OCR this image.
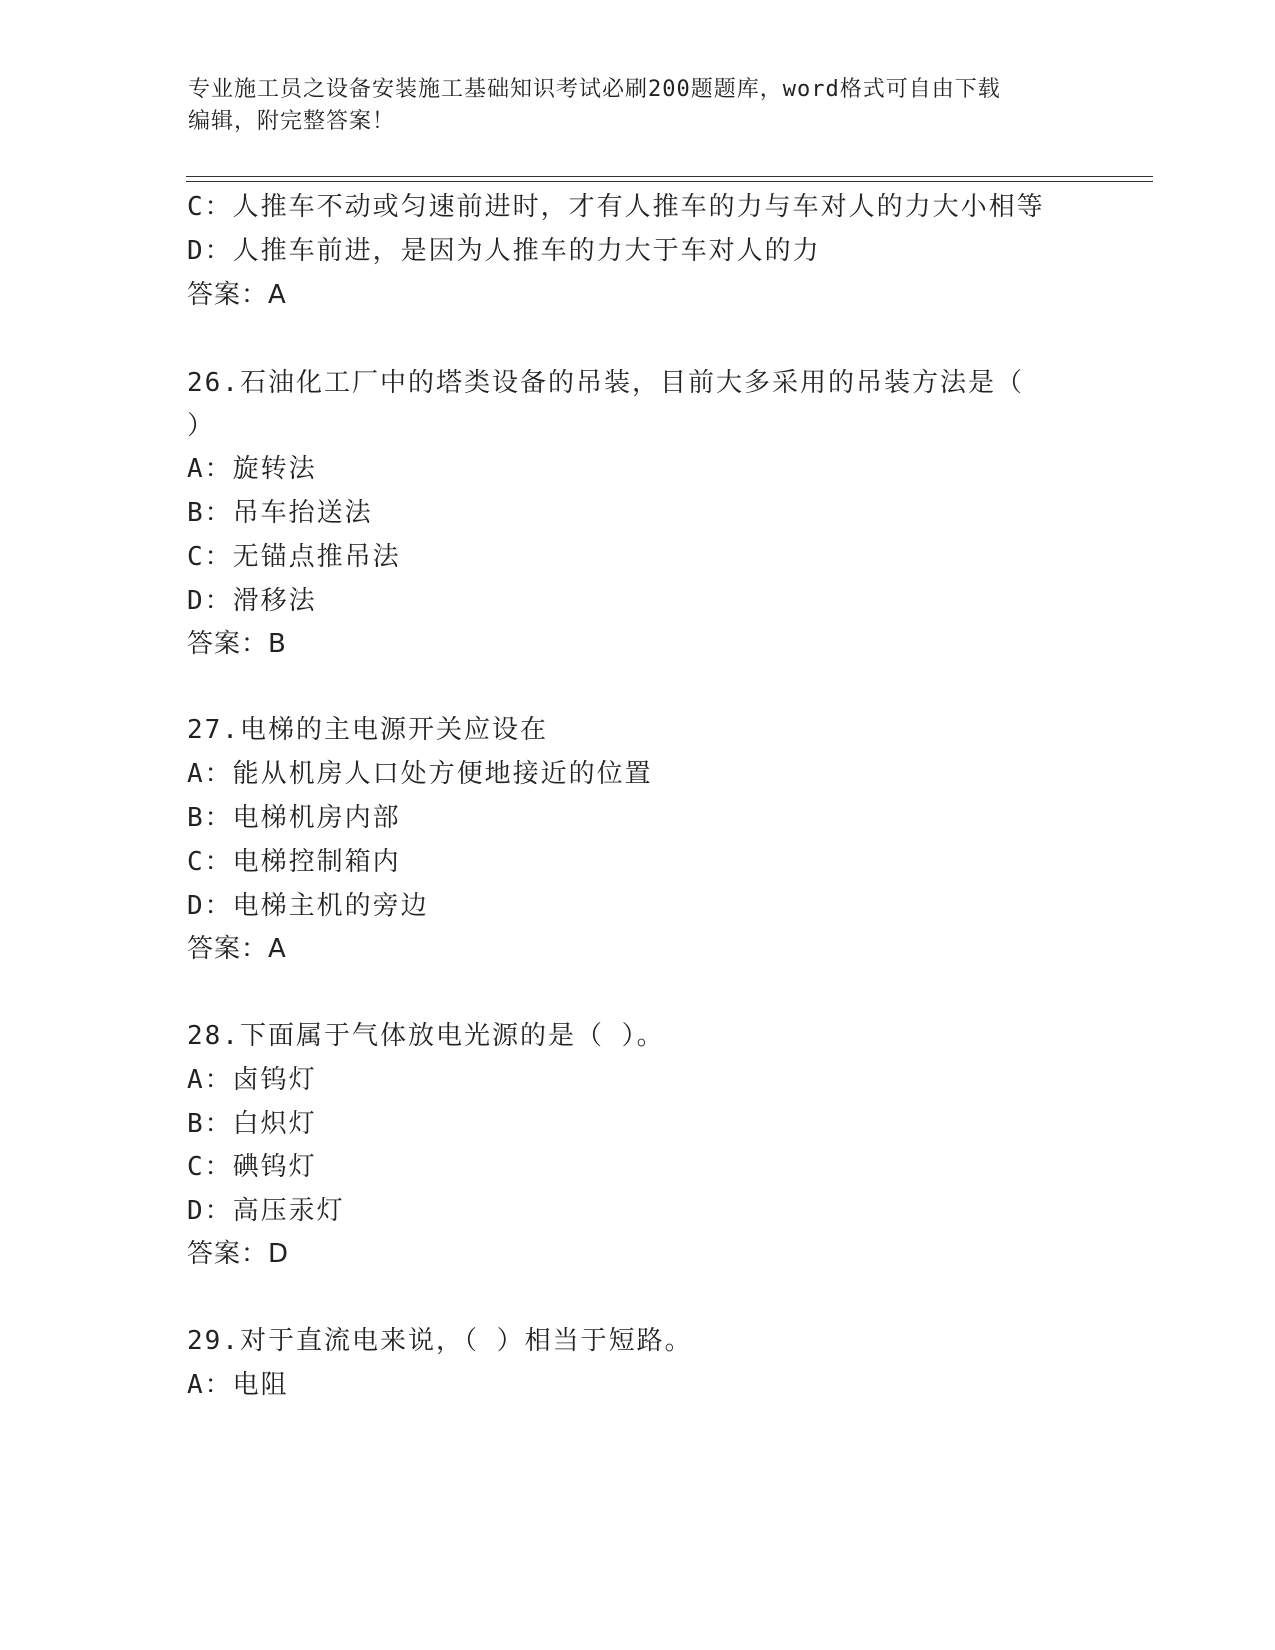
专业施工员之设备安装施工基础知识考试必刷200题题库，word格式可自由下载
编辑，附完整答案！
C：人推车不动或匀速前进时，才有人推车的力与车对人的力大小相等
D：人推车前进，是因为人推车的力大于车对人的力
答案：A
26.石油化工厂中的塔类设备的吊装，目前大多采用的吊装方法是（
）
A：旋转法
B：吊车抬送法
C：无锚点推吊法
D：滑移法
答案：B
27.电梯的主电源开关应设在
A：能从机房人口处方便地接近的位置
B：电梯机房内部
C：电梯控制箱内
D：电梯主机的旁边
答案：A
28.下面属于气体放电光源的是（ ）。
A：卤钨灯
B：白炽灯
C：碘钨灯
D：高压汞灯
答案：D
29.对于直流电来说，（ ）相当于短路。
A：电阻
